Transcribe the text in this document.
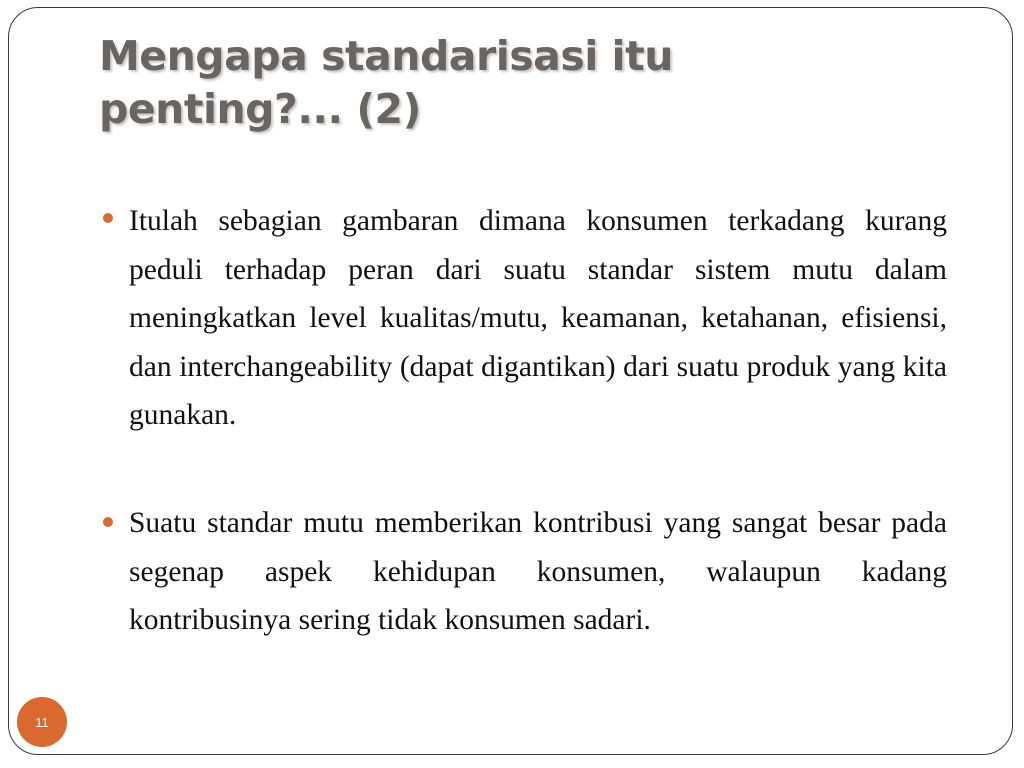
Mengapa standarisasi itu
penting?... (2)

Itulah sebagian gambaran dimana konsumen terkadang kurang peduli terhadap peran dari suatu standar sistem mutu dalam meningkatkan level kualitas/mutu, keamanan, ketahanan, efisiensi, dan interchangeability (dapat digantikan) dari suatu produk yang kita gunakan.

Suatu standar mutu memberikan kontribusi yang sangat besar pada segenap aspek kehidupan konsumen, walaupun kadang kontribusinya sering tidak konsumen sadari.

11
